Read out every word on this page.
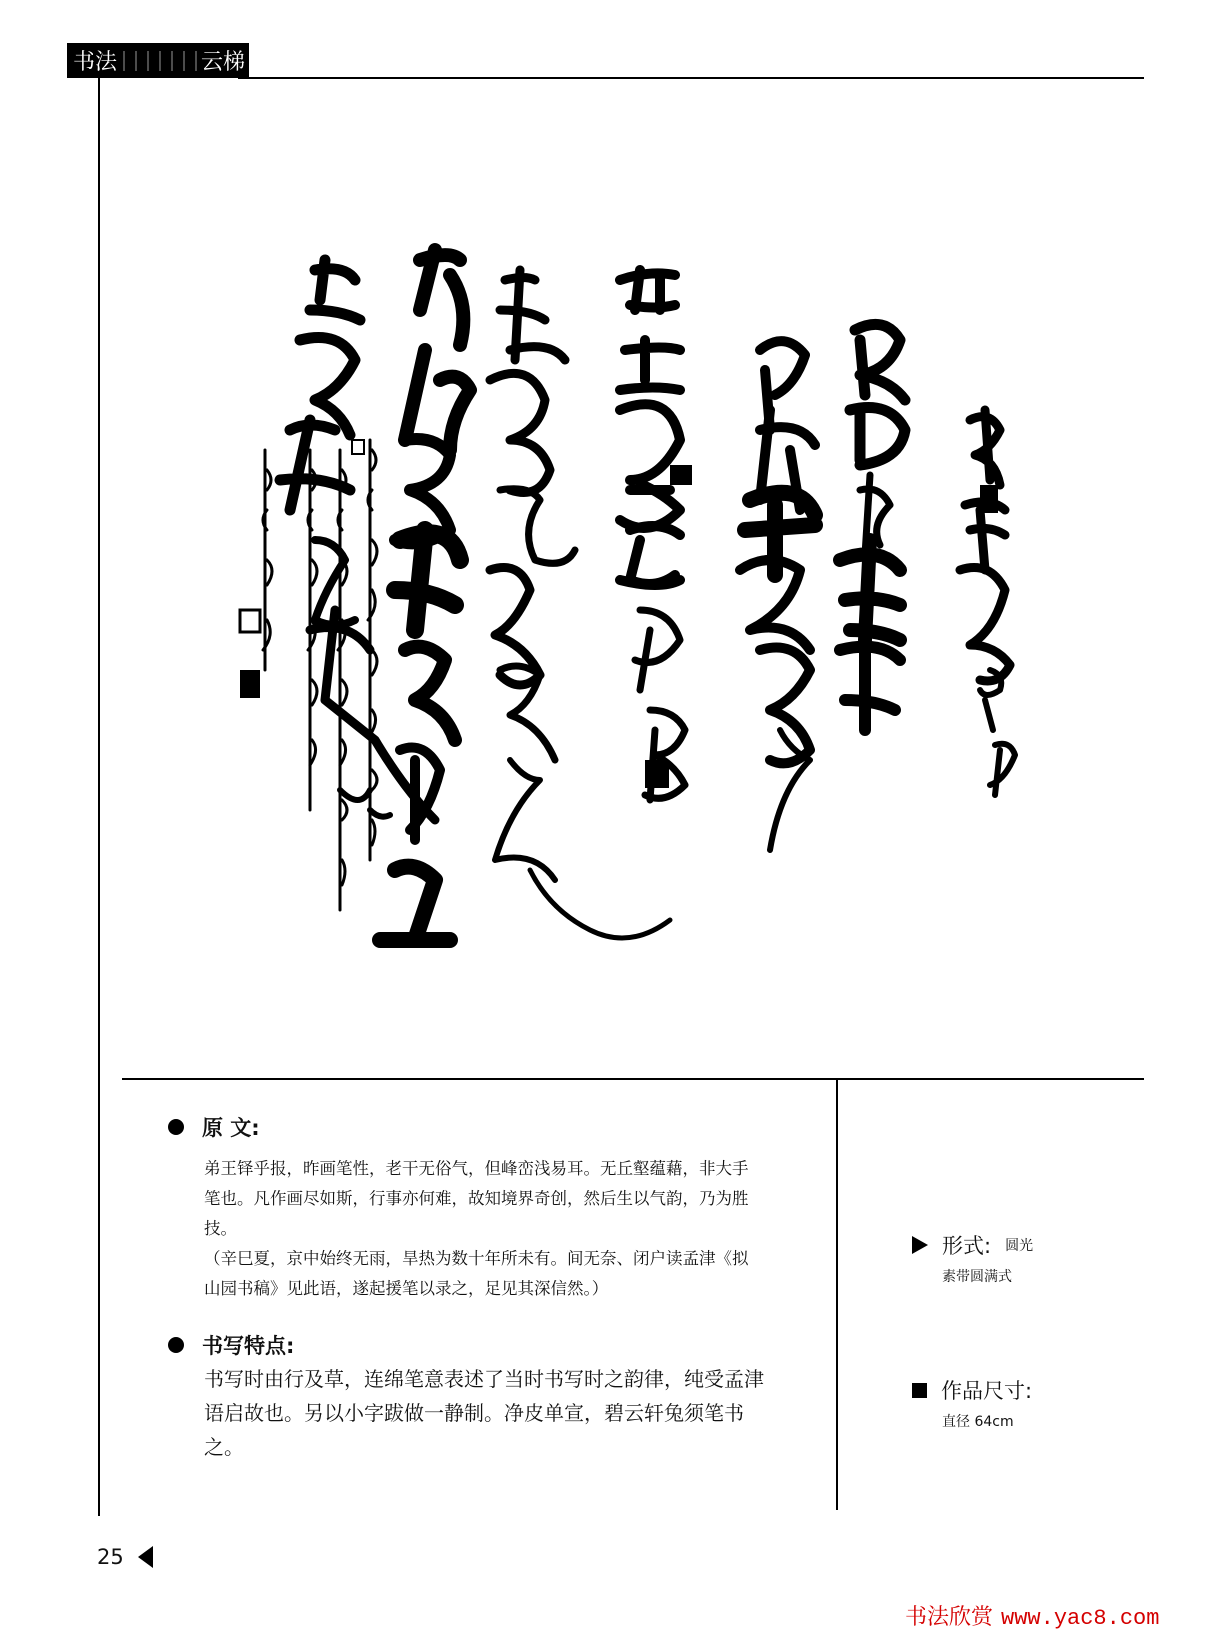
书法	云梯
原 文:

弟王铎乎报，昨画笔性，老干无俗气，但峰峦浅易耳。无丘壑蕴藉，非大手笔也。凡作画尽如斯，行事亦何难，故知境界奇创，然后生以气韵，乃为胜技。

（辛巳夏，京中始终无雨，旱热为数十年所未有。间无奈、闭户读孟津《拟山园书稿》见此语，遂起援笔以录之，足见其深信然。）

书写特点:

书写时由行及草，连绵笔意表述了当时书写时之韵律，纯受孟津语启故也。另以小字跋做一静制。净皮单宣，碧云轩兔须笔书之。

形式: 圆光
素带圆满式
作品尺寸:
直径 64cm
25
书法欣赏 www.yac8.com
